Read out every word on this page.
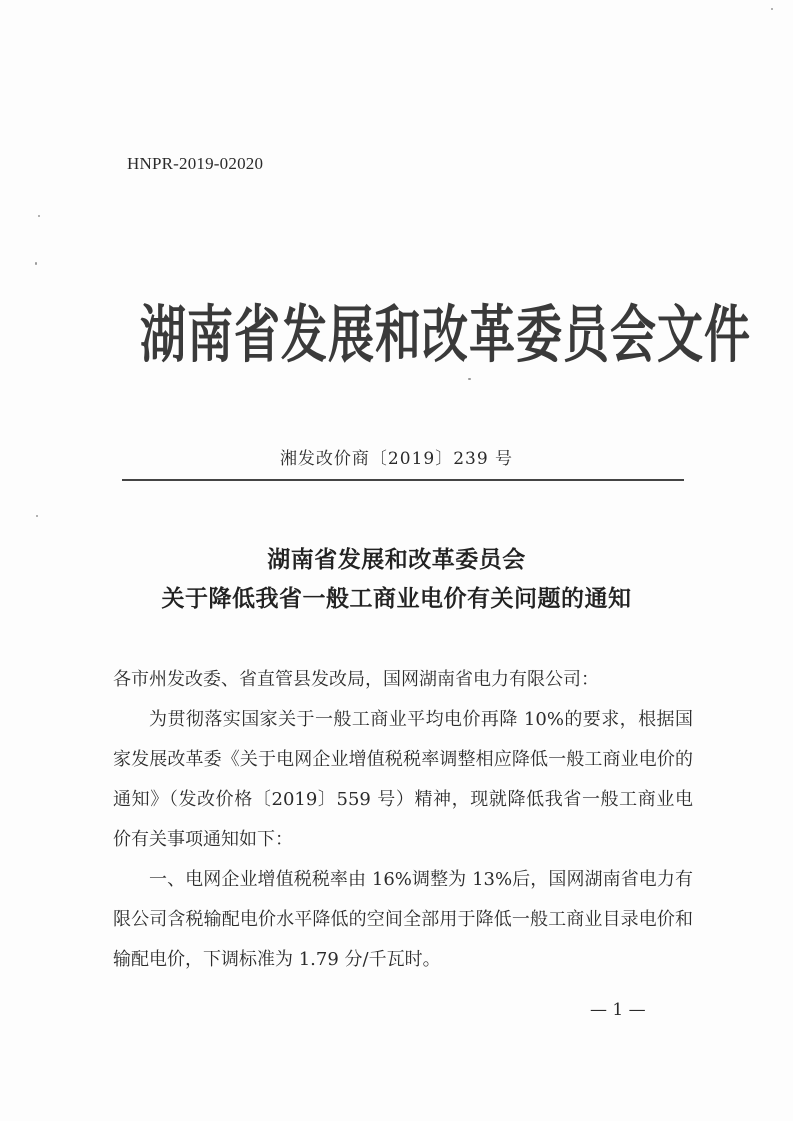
HNPR-2019-02020
湖南省发展和改革委员会文件
湘发改价商〔2019〕239 号
湖南省发展和改革委员会
关于降低我省一般工商业电价有关问题的通知

各市州发改委、省直管县发改局，国网湖南省电力有限公司：

为贯彻落实国家关于一般工商业平均电价再降 10%的要求，根据国家发展改革委《关于电网企业增值税税率调整相应降低一般工商业电价的通知》（发改价格〔2019〕559 号）精神，现就降低我省一般工商业电价有关事项通知如下：

一、电网企业增值税税率由 16%调整为 13%后，国网湖南省电力有限公司含税输配电价水平降低的空间全部用于降低一般工商业目录电价和输配电价，下调标准为 1.79 分/千瓦时。

— 1 —
